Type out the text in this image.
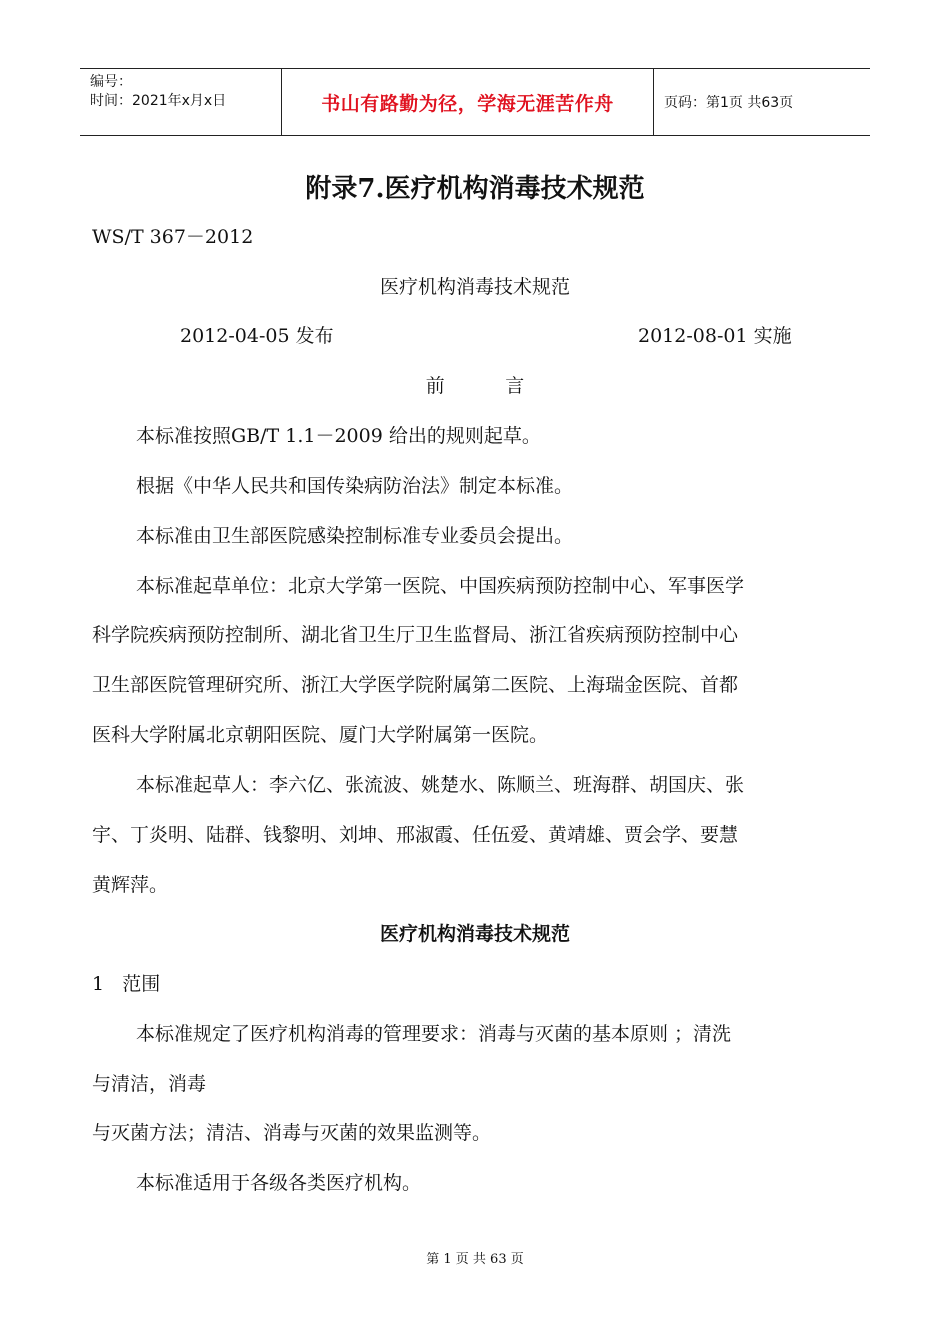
编号：
时间：2021年x月x日	书山有路勤为径，学海无涯苦作舟	页码：第1页 共63页
附录7.医疗机构消毒技术规范
WS/T 367－2012
医疗机构消毒技术规范
2012-04-05 发布	2012-08-01 实施
前          言
本标准按照GB/T 1.1－2009 给出的规则起草。
根据《中华人民共和国传染病防治法》制定本标准。
本标准由卫生部医院感染控制标准专业委员会提出。
本标准起草单位：北京大学第一医院、中国疾病预防控制中心、军事医学
科学院疾病预防控制所、湖北省卫生厅卫生监督局、浙江省疾病预防控制中心
卫生部医院管理研究所、浙江大学医学院附属第二医院、上海瑞金医院、首都
医科大学附属北京朝阳医院、厦门大学附属第一医院。
本标准起草人：李六亿、张流波、姚楚水、陈顺兰、班海群、胡国庆、张
宇、丁炎明、陆群、钱黎明、刘坤、邢淑霞、任伍爱、黄靖雄、贾会学、要慧
黄辉萍。
医疗机构消毒技术规范
1   范围
本标准规定了医疗机构消毒的管理要求：消毒与灭菌的基本原则 ；清洗
与清洁，消毒
与灭菌方法；清洁、消毒与灭菌的效果监测等。
本标准适用于各级各类医疗机构。
第 1 页 共 63 页
